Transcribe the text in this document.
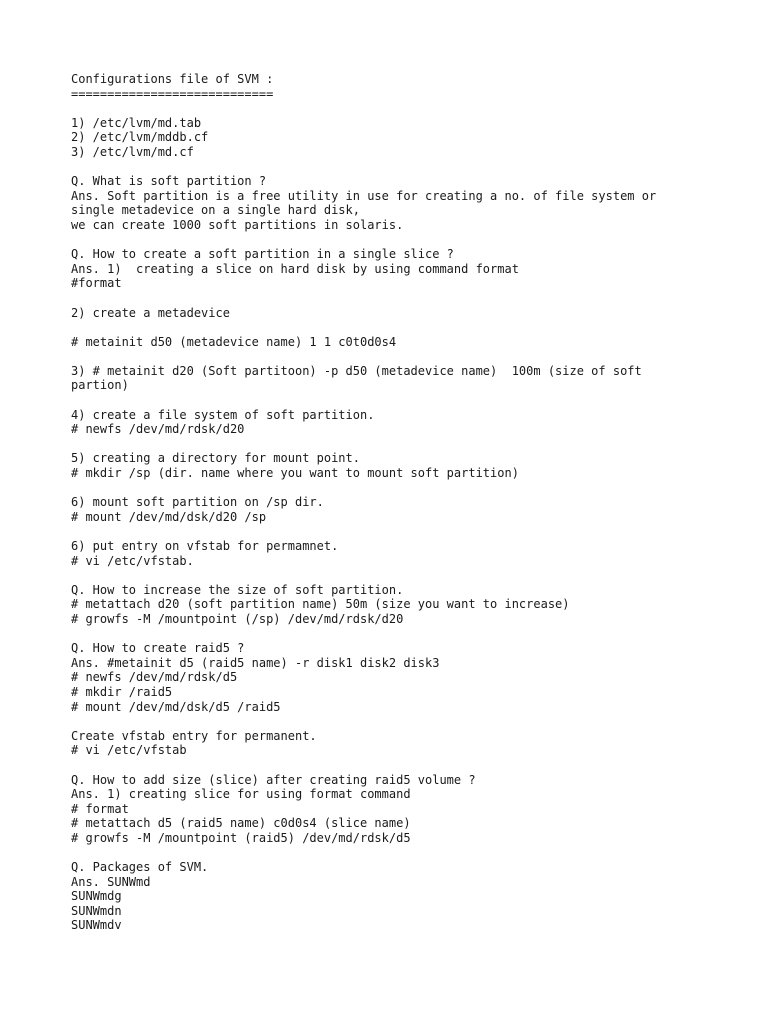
Configurations file of SVM :
============================
1) /etc/lvm/md.tab
2) /etc/lvm/mddb.cf
3) /etc/lvm/md.cf
Q. What is soft partition ?
Ans. Soft partition is a free utility in use for creating a no. of file system or
single metadevice on a single hard disk,
we can create 1000 soft partitions in solaris.
Q. How to create a soft partition in a single slice ?
Ans. 1)  creating a slice on hard disk by using command format
#format
2) create a metadevice
# metainit d50 (metadevice name) 1 1 c0t0d0s4
3) # metainit d20 (Soft partitoon) -p d50 (metadevice name)  100m (size of soft
partion)
4) create a file system of soft partition.
# newfs /dev/md/rdsk/d20
5) creating a directory for mount point.
# mkdir /sp (dir. name where you want to mount soft partition)
6) mount soft partition on /sp dir.
# mount /dev/md/dsk/d20 /sp
6) put entry on vfstab for permamnet.
# vi /etc/vfstab.
Q. How to increase the size of soft partition.
# metattach d20 (soft partition name) 50m (size you want to increase)
# growfs -M /mountpoint (/sp) /dev/md/rdsk/d20
Q. How to create raid5 ?
Ans. #metainit d5 (raid5 name) -r disk1 disk2 disk3
# newfs /dev/md/rdsk/d5
# mkdir /raid5
# mount /dev/md/dsk/d5 /raid5
Create vfstab entry for permanent.
# vi /etc/vfstab
Q. How to add size (slice) after creating raid5 volume ?
Ans. 1) creating slice for using format command
# format
# metattach d5 (raid5 name) c0d0s4 (slice name)
# growfs -M /mountpoint (raid5) /dev/md/rdsk/d5
Q. Packages of SVM.
Ans. SUNWmd
SUNWmdg
SUNWmdn
SUNWmdv
